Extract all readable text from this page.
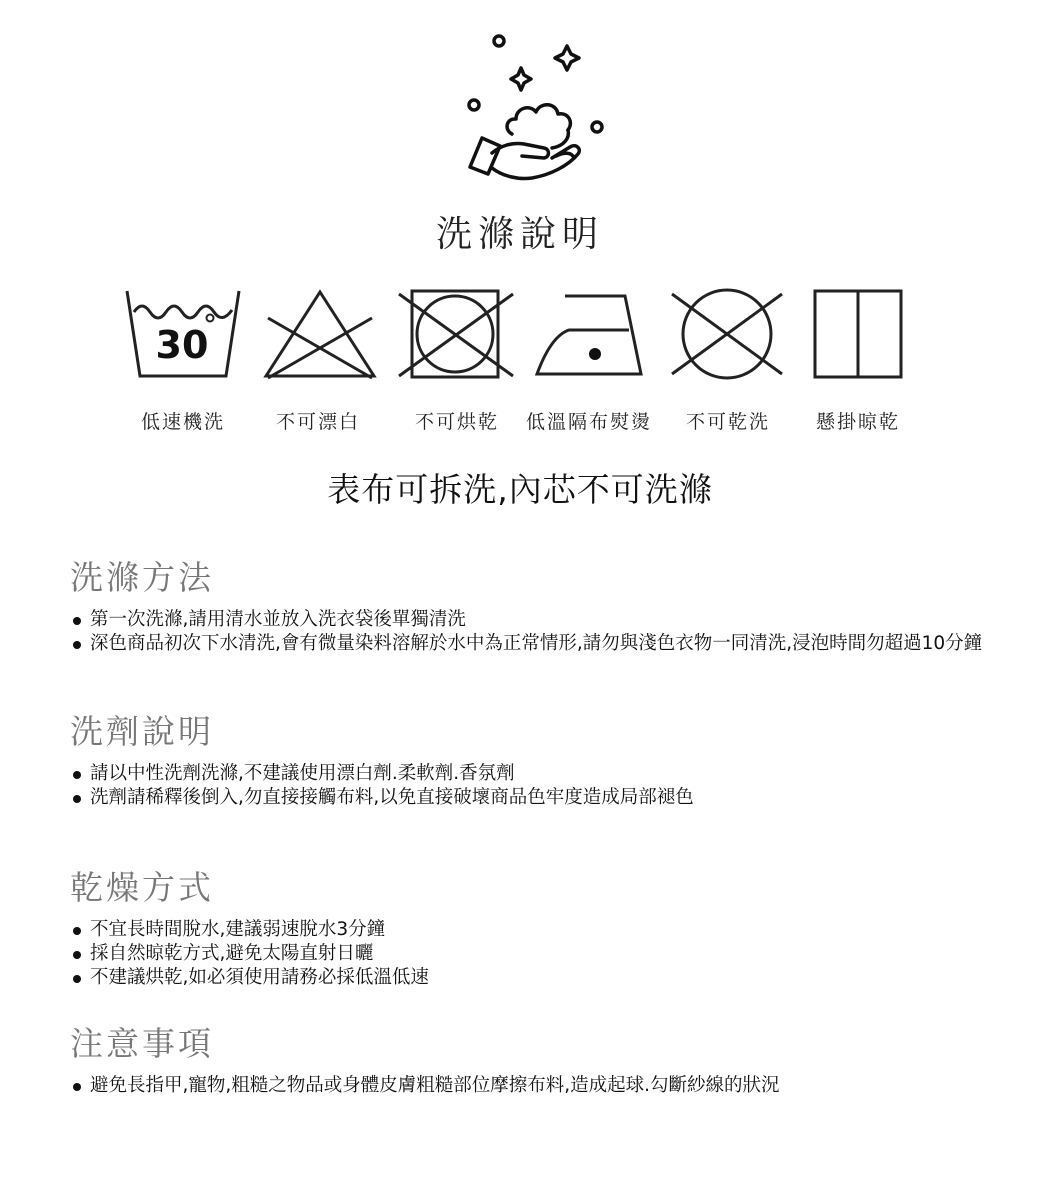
洗滌說明
30
低速機洗	不可漂白	不可烘乾 低溫隔布熨燙 不可乾洗 懸掛晾乾
表布可拆洗,內芯不可洗滌
洗滌方法
第一次洗滌,請用清水並放入洗衣袋後單獨清洗
深色商品初次下水清洗,會有微量染料溶解於水中為正常情形,請勿與淺色衣物一同清洗,浸泡時間勿超過10分鐘
洗劑說明
請以中性洗劑洗滌,不建議使用漂白劑.柔軟劑.香氛劑
洗劑請稀釋後倒入,勿直接接觸布料,以免直接破壞商品色牢度造成局部褪色
乾燥方式
不宜長時間脫水,建議弱速脫水3分鐘
採自然晾乾方式,避免太陽直射日曬
不建議烘乾,如必須使用請務必採低溫低速
注意事項
避免長指甲,寵物,粗糙之物品或身體皮膚粗糙部位摩擦布料,造成起球.勾斷紗線的狀況
